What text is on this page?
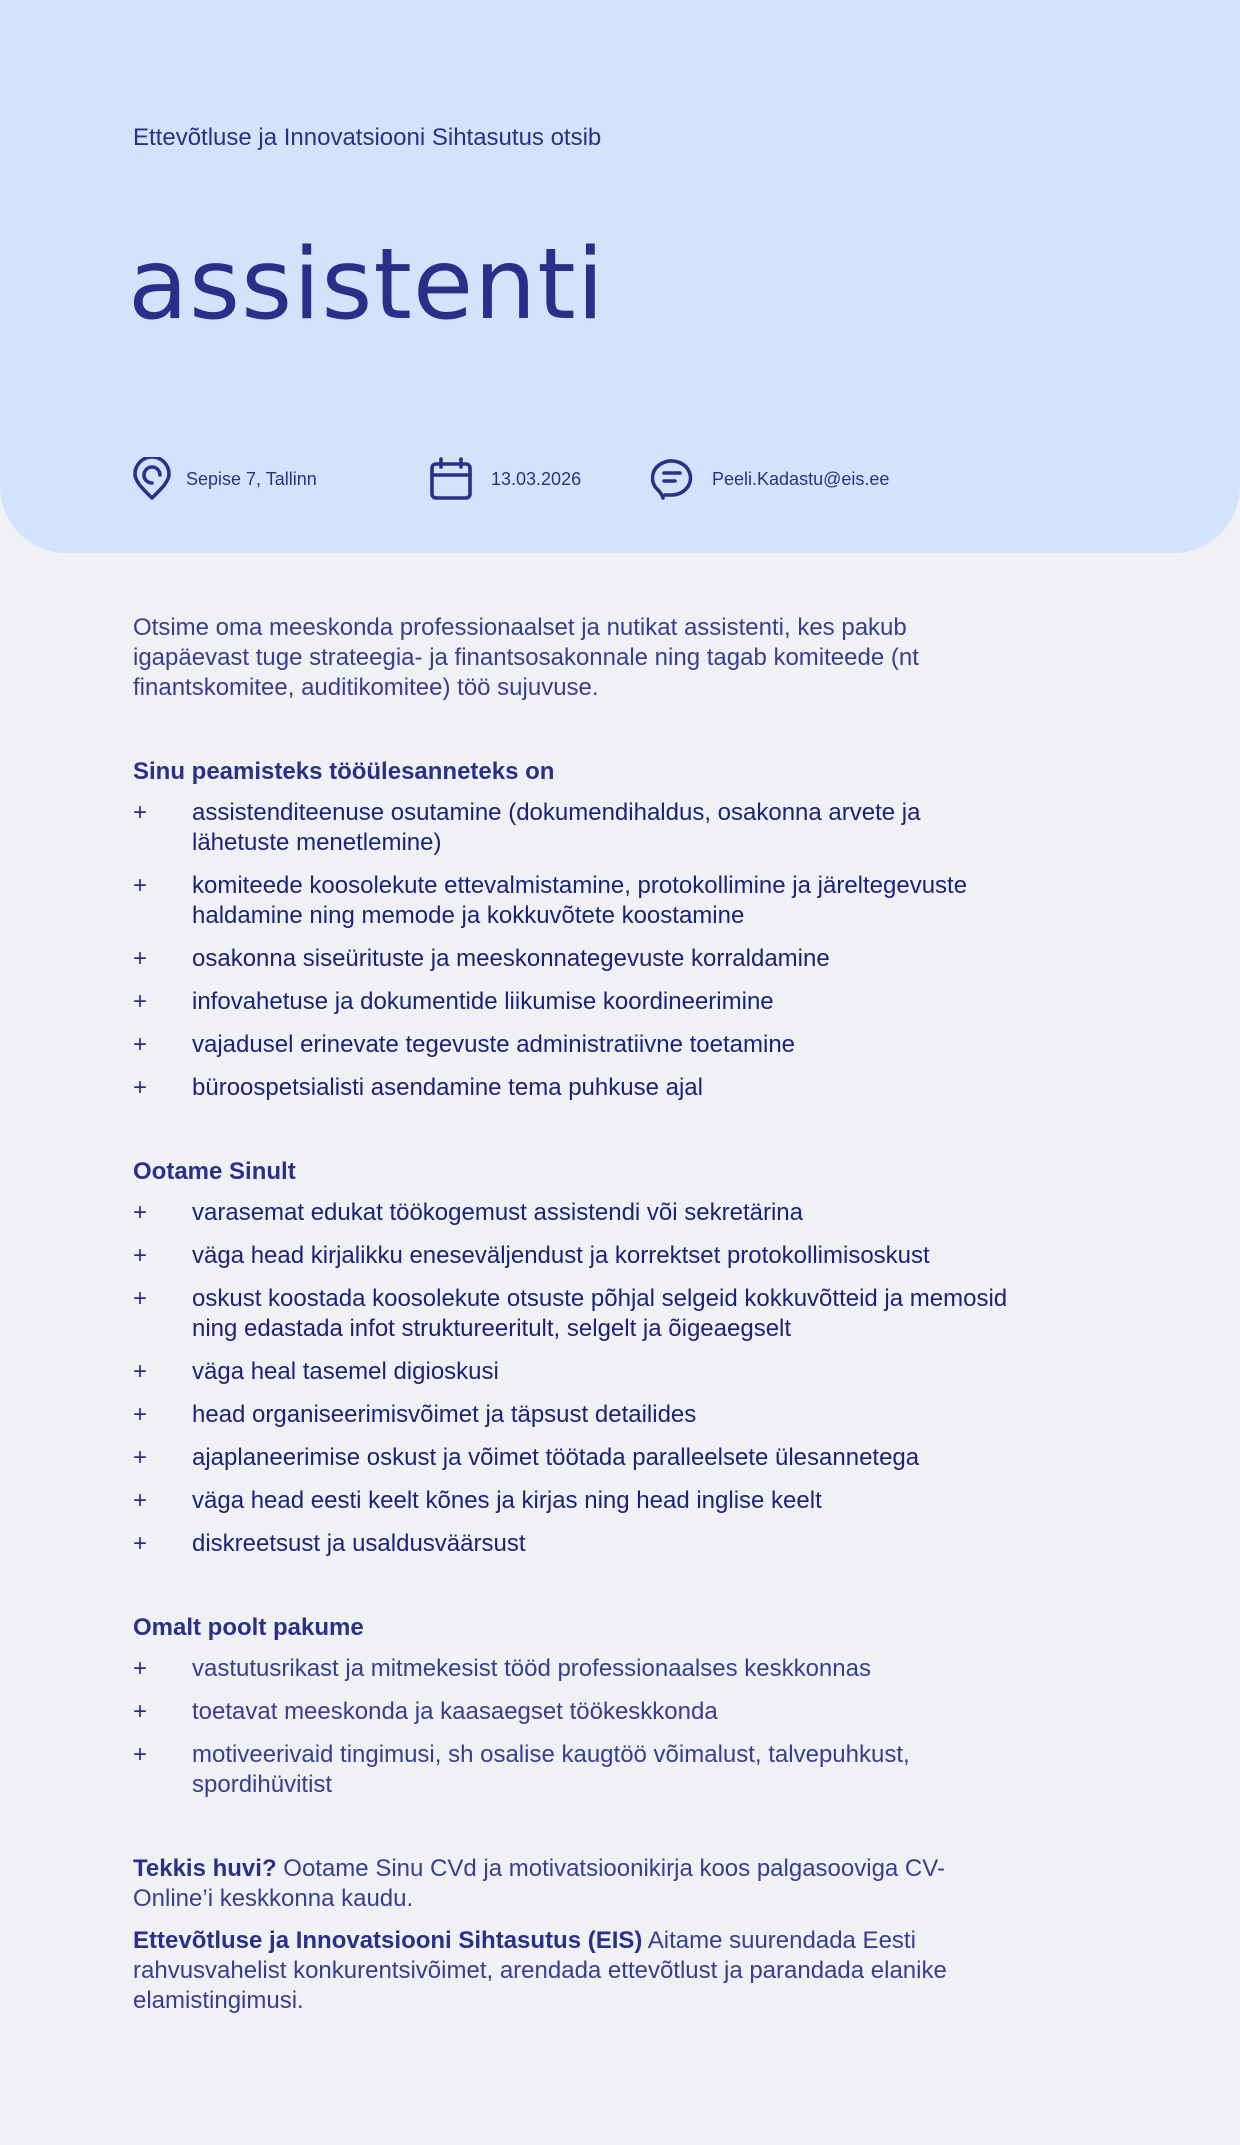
Ettevõtluse ja Innovatsiooni Sihtasutus otsib
assistenti
Sepise 7, Tallinn	13.03.2026	Peeli.Kadastu@eis.ee

Otsime oma meeskonda professionaalset ja nutikat assistenti, kes pakub igapäevast tuge strateegia- ja finantsosakonnale ning tagab komiteede (nt finantskomitee, auditikomitee) töö sujuvuse.

Sinu peamisteks tööülesanneteks on
+ assistenditeenuse osutamine (dokumendihaldus, osakonna arvete ja lähetuste menetlemine)
+ komiteede koosolekute ettevalmistamine, protokollimine ja järeltegevuste haldamine ning memode ja kokkuvõtete koostamine
+ osakonna siseürituste ja meeskonnategevuste korraldamine
+ infovahetuse ja dokumentide liikumise koordineerimine
+ vajadusel erinevate tegevuste administratiivne toetamine
+ büroospetsialisti asendamine tema puhkuse ajal
Ootame Sinult
+ varasemat edukat töökogemust assistendi või sekretärina
+ väga head kirjalikku eneseväljendust ja korrektset protokollimisoskust
+ oskust koostada koosolekute otsuste põhjal selgeid kokkuvõtteid ja memosid ning edastada infot struktureeritult, selgelt ja õigeaegselt
+ väga heal tasemel digioskusi
+ head organiseerimisvõimet ja täpsust detailides
+ ajaplaneerimise oskust ja võimet töötada paralleelsete ülesannetega
+ väga head eesti keelt kõnes ja kirjas ning head inglise keelt
+ diskreetsust ja usaldusväärsust
Omalt poolt pakume
+ vastutusrikast ja mitmekesist tööd professionaalses keskkonnas
+ toetavat meeskonda ja kaasaegset töökeskkonda
+ motiveerivaid tingimusi, sh osalise kaugtöö võimalust, talvepuhkust, spordihüvitist

Tekkis huvi? Ootame Sinu CVd ja motivatsioonikirja koos palgasooviga CV-Online’i keskkonna kaudu.

Ettevõtluse ja Innovatsiooni Sihtasutus (EIS) Aitame suurendada Eesti rahvusvahelist konkurentsivõimet, arendada ettevõtlust ja parandada elanike elamistingimusi.
